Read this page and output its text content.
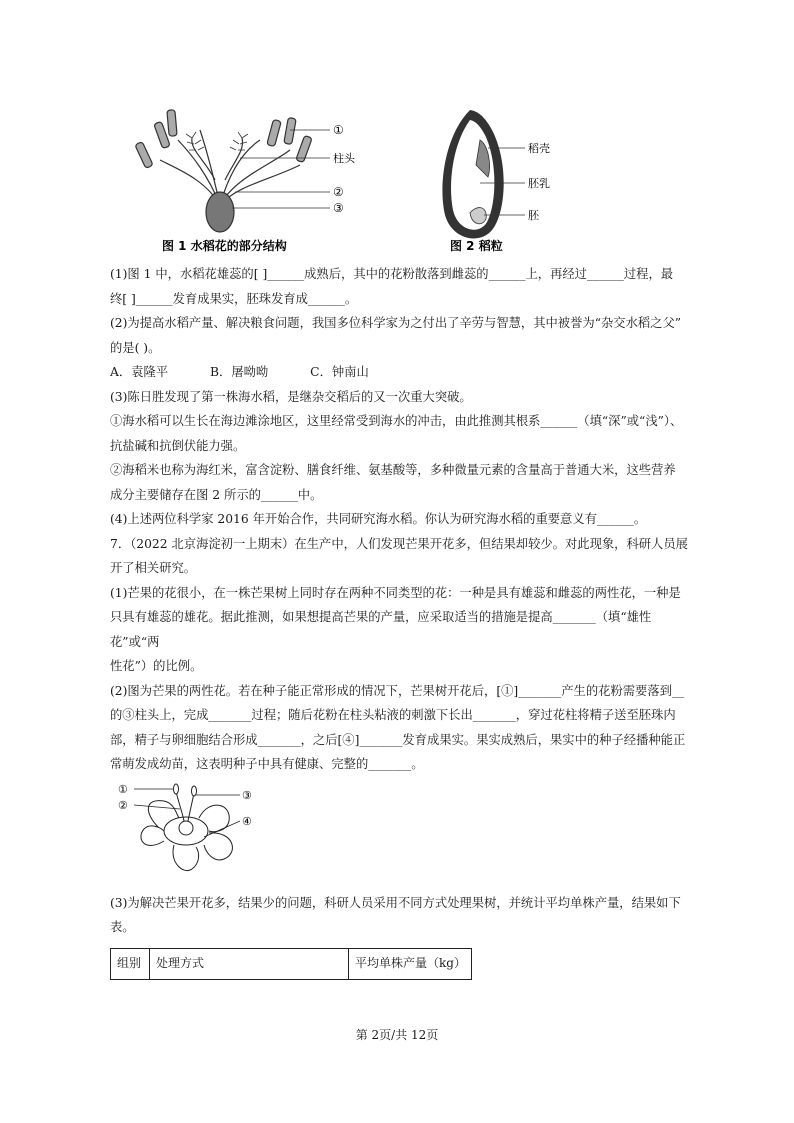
①
柱头
②
③
图 1 水稻花的部分结构
稻壳
胚乳
胚
图 2 稻粒

(1)图 1 中，水稻花雄蕊的[ ]______成熟后，其中的花粉散落到雌蕊的______上，再经过______过程，最

终[ ]______发育成果实，胚珠发育成______。

(2)为提高水稻产量、解决粮食问题，我国多位科学家为之付出了辛劳与智慧，其中被誉为“杂交水稻之父”

的是( )。

A．袁隆平	B．屠呦呦	C．钟南山

(3)陈日胜发现了第一株海水稻，是继杂交稻后的又一次重大突破。

①海水稻可以生长在海边滩涂地区，这里经常受到海水的冲击，由此推测其根系______（填“深”或“浅”）、

抗盐碱和抗倒伏能力强。

②海稻米也称为海红米，富含淀粉、膳食纤维、氨基酸等，多种微量元素的含量高于普通大米，这些营养

成分主要储存在图 2 所示的______中。

(4)上述两位科学家 2016 年开始合作，共同研究海水稻。你认为研究海水稻的重要意义有______。

7．（2022 北京海淀初一上期末）在生产中，人们发现芒果开花多，但结果却较少。对此现象，科研人员展

开了相关研究。

(1)芒果的花很小，在一株芒果树上同时存在两种不同类型的花：一种是具有雄蕊和雌蕊的两性花，一种是

只具有雄蕊的雄花。据此推测，如果想提高芒果的产量，应采取适当的措施是提高_______（填“雄性花”或“两

性花”）的比例。

(2)图为芒果的两性花。若在种子能正常形成的情况下，芒果树开花后，[①]_______产生的花粉需要落到__

的③柱头上，完成_______过程；随后花粉在柱头粘液的刺激下长出_______，穿过花柱将精子送至胚珠内

部，精子与卵细胞结合形成_______，之后[④]_______发育成果实。果实成熟后，果实中的种子经播种能正

常萌发成幼苗，这表明种子中具有健康、完整的_______。

①
②
③
④

(3)为解决芒果开花多，结果少的问题，科研人员采用不同方式处理果树，并统计平均单株产量，结果如下

表。

组别	处理方式	平均单株产量（kg）
第 2页/共 12页
